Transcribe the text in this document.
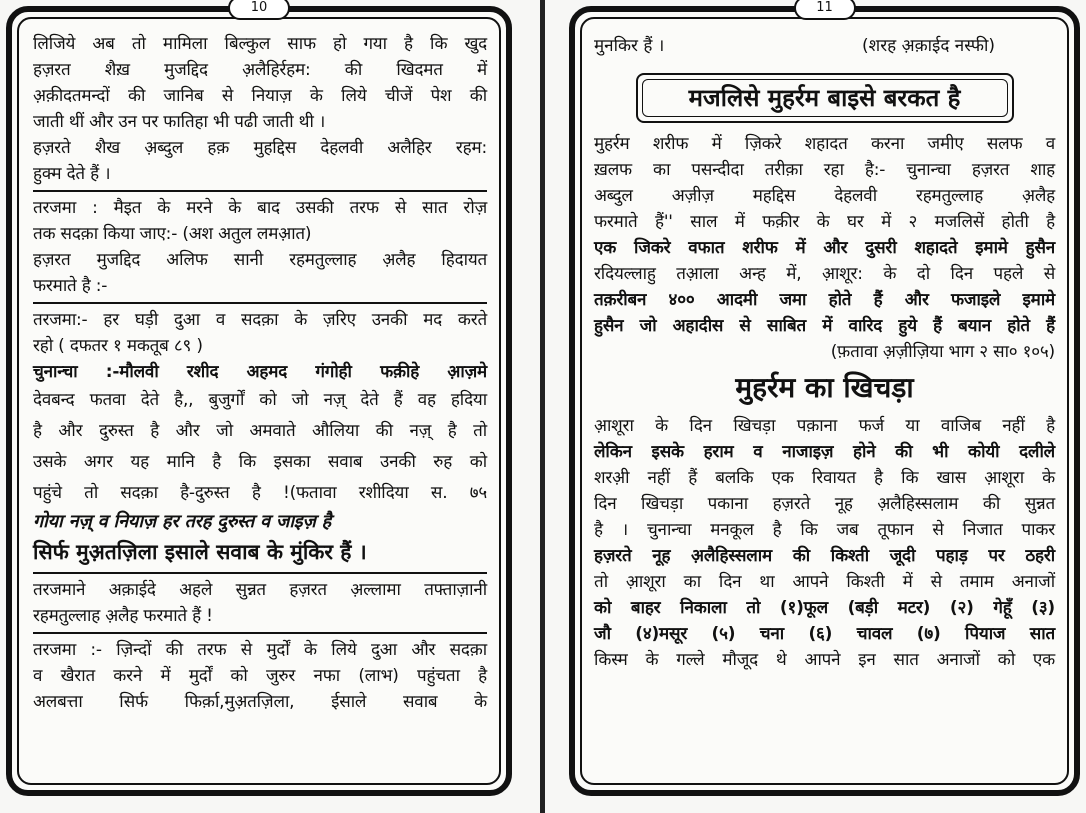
10
लिजिये अब तो मामिला बिल्कुल साफ हो गया है कि खुद
हज़रत शैख़ मुजद्दिद अ़लैहिर्रहम: की खिदमत में
अ़क़ीदतमन्दों की जानिब से नियाज़ के लिये चीजें पेश की
जाती थीं और उन पर फातिहा भी पढी जाती थी ।
हज़रते शैख अ़ब्दुल हक़ मुहद्दिस देहलवी अलैहिर रहम:
हुक्म देते हैं ।
तरजमा : मैइत के मरने के बाद उसकी तरफ से सात रोज़
तक सदक़ा किया जाए:- (अश अतुल लमआ़त)
हज़रत मुजद्दिद अलिफ सानी रहमतुल्लाह अ़लैह हिदायत
फरमाते है :-
तरजमा:- हर घड़ी दुआ व सदक़ा के ज़रिए उनकी मद करते
रहो ( दफतर १ मकतूब ८९ )
चुनान्चा :-मौलवी रशीद अहमद गंगोही फक़ीहे आ़ज़मे
देवबन्द फतवा देते है,, बुजुर्गों को जो नज़् देते हैं वह हदिया
है और दुरुस्त है और जो अमवाते औलिया की नज़् है तो
उसके अगर यह मानि है कि इसका सवाब उनकी रुह को
पहुंचे तो सदक़ा है-दुरुस्त है !(फतावा रशीदिया स. ७५
गोया नज़् व नियाज़ हर तरह दुरुस्त व जाइज़ है
सिर्फ मुअ़तज़िला इसाले सवाब के मुंकिर हैं ।
तरजमाने अक़ाईदे अहले सुन्नत हज़रत अ़ल्लामा तफ्ताज़ानी
रहमतुल्लाह अ़लैह फरमाते हैं !
तरजमा :- ज़िन्दों की तरफ से मुर्दों के लिये दुआ और सदक़ा
व खैरात करने में मुर्दों को जुरुर नफा (लाभ) पहुंचता है
अलबत्ता सिर्फ फिर्क़ा,मुअ़तज़िला, ईसाले सवाब के
11
मुनकिर हैं ।	(शरह अ़क़ाईद नस्फी)
मजलिसे मुहर्रम बाइसे बरकत है
मुहर्रम शरीफ में ज़िकरे शहादत करना जमीए सलफ व
ख़लफ का पसन्दीदा तरीक़ा रहा है:- चुनान्चा हज़रत शाह
अब्दुल अज़ीज़ महद्दिस देहलवी रहमतुल्लाह अ़लैह
फरमाते हैं'' साल में फक़ीर के घर में २ मजलिसें होती है
एक जिकरे वफात शरीफ में और दुसरी शहादते इमामे हुसैन
रदियल्लाहु तआ़ला अन्ह में, आ़शूर: के दो दिन पहले से
तक़रीबन ४०० आदमी जमा होते हैं और फजाइले इमामे
हुसैन जो अहादीस से साबित में वारिद हुये हैं बयान होते हैं
(फ़तावा अ़ज़ीज़िया भाग २ सा० १०५)
मुहर्रम का खिचड़ा
आ़शूरा के दिन खिचड़ा पक़ाना फर्ज या वाजिब नहीं है
लेकिन इसके हराम व नाजाइज़ होने की भी कोयी दलीले
शरअ़ी नहीं हैं बलकि एक रिवायत है कि खास आ़शूरा के
दिन खिचड़ा पकाना हज़रते नूह अ़लैहिस्सलाम की सुन्नत
है । चुनान्चा मनकूल है कि जब तूफान से निजात पाकर
हज़रते नूह अ़लैहिस्सलाम की किश्ती जूदी पहाड़ पर ठहरी
तो आ़शूरा का दिन था आपने किश्ती में से तमाम अनाजों
को बाहर निकाला तो (१)फूल (बड़ी मटर) (२) गेहूँ (३)
जौ (४)मसूर (५) चना (६) चावल (७) पियाज सात
किस्म के गल्ले मौजूद थे आपने इन सात अनाजों को एक
